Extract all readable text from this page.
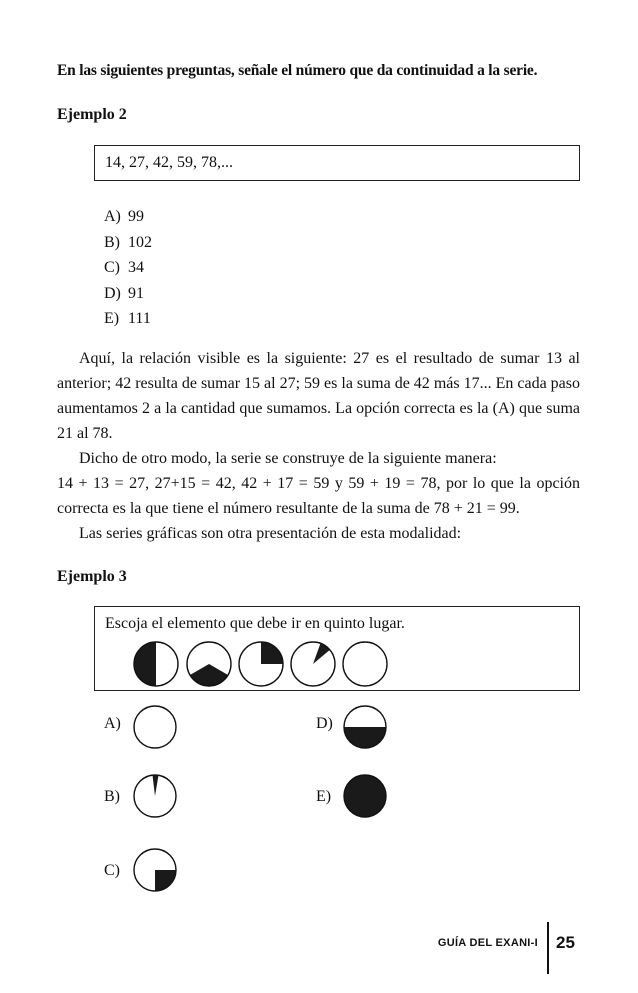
En las siguientes preguntas, señale el número que da continuidad a la serie.
Ejemplo 2
14, 27, 42, 59, 78,...
A) 99
B) 102
C) 34
D) 91
E) 111

Aquí, la relación visible es la siguiente: 27 es el resultado de sumar 13 al anterior; 42 resulta de sumar 15 al 27; 59 es la suma de 42 más 17... En cada paso aumentamos 2 a la cantidad que sumamos. La opción correcta es la (A) que suma 21 al 78.

Dicho de otro modo, la serie se construye de la siguiente manera:

14 + 13 = 27, 27+15 = 42, 42 + 17 = 59 y 59 + 19 = 78, por lo que la opción correcta es la que tiene el número resultante de la suma de 78 + 21 = 99.

Las series gráficas son otra presentación de esta modalidad:

Ejemplo 3
Escoja el elemento que debe ir en quinto lugar.
A)
B)
C)
D)
E)
GUÍA DEL EXANI-I 25
